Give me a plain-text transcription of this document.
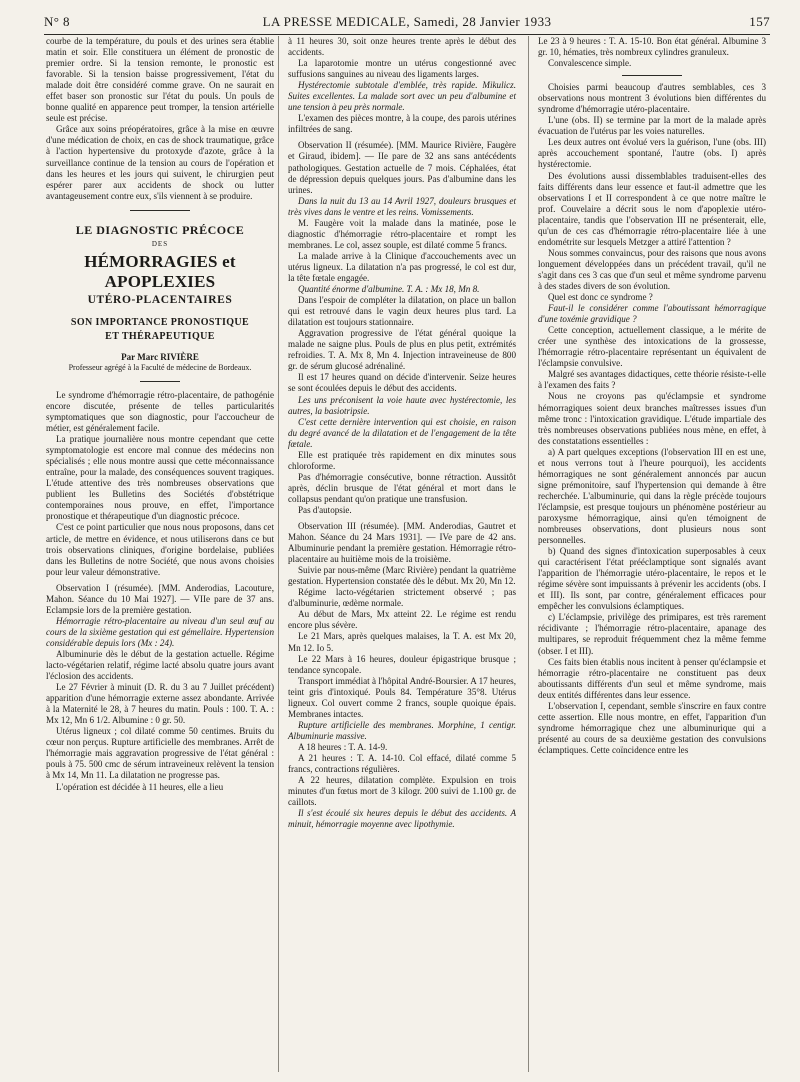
N° 8	LA PRESSE MEDICALE, Samedi, 28 Janvier 1933	157

courbe de la température, du pouls et des urines sera établie matin et soir. Elle constituera un élément de pronostic de premier ordre. Si la tension remonte, le pronostic est favorable. Si la tension baisse progressivement, l'état du malade doit être considéré comme grave. On ne saurait en effet baser son pronostic sur l'état du pouls. Un pouls de bonne qualité en apparence peut tromper, la tension artérielle seule est précise.

Grâce aux soins préopératoires, grâce à la mise en œuvre d'une médication de choix, en cas de shock traumatique, grâce à l'action hypertensive du protoxyde d'azote, grâce à la surveillance continue de la tension au cours de l'opération et dans les heures et les jours qui suivent, le chirurgien peut espérer parer aux accidents de shock ou lutter avantageusement contre eux, s'ils viennent à se produire.

LE DIAGNOSTIC PRÉCOCE
DES
HÉMORRAGIES et APOPLEXIES
UTÉRO-PLACENTAIRES
SON IMPORTANCE PRONOSTIQUE
ET THÉRAPEUTIQUE
Par Marc RIVIÈRE
Professeur agrégé à la Faculté de médecine de Bordeaux.

Le syndrome d'hémorragie rétro-placentaire, de pathogénie encore discutée, présente de telles particularités symptomatiques que son diagnostic, pour l'accoucheur de métier, est généralement facile.

La pratique journalière nous montre cependant que cette symptomatologie est encore mal connue des médecins non spécialisés ; elle nous montre aussi que cette méconnaissance entraîne, pour la malade, des conséquences souvent tragiques. L'étude attentive des très nombreuses observations que publient les Bulletins des Sociétés d'obstétrique contemporaines nous prouve, en effet, l'importance pronostique et thérapeutique d'un diagnostic précoce.

C'est ce point particulier que nous nous proposons, dans cet article, de mettre en évidence, et nous utiliserons dans ce but trois observations cliniques, d'origine bordelaise, publiées dans les Bulletins de notre Société, que nous avons choisies pour leur valeur démonstrative.

Observation I (résumée). [MM. Anderodias, Lacouture, Mahon. Séance du 10 Mai 1927]. — VIIe pare de 37 ans. Eclampsie lors de la première gestation.

Hémorragie rétro-placentaire au niveau d'un seul œuf au cours de la sixième gestation qui est gémellaire. Hypertension considérable depuis lors (Mx : 24).

Albuminurie dès le début de la gestation actuelle. Régime lacto-végétarien relatif, régime lacté absolu quatre jours avant l'éclosion des accidents.

Le 27 Février à minuit (D. R. du 3 au 7 Juillet précédent) apparition d'une hémorragie externe assez abondante. Arrivée à la Maternité le 28, à 7 heures du matin. Pouls : 100. T. A. : Mx 12, Mn 6 1/2. Albumine : 0 gr. 50.

Utérus ligneux ; col dilaté comme 50 centimes. Bruits du cœur non perçus. Rupture artificielle des membranes. Arrêt de l'hémorragie mais aggravation progressive de l'état général : pouls à 75. 500 cmc de sérum intraveineux relèvent la tension à Mx 14, Mn 11. La dilatation ne progresse pas.

L'opération est décidée à 11 heures, elle a lieu

à 11 heures 30, soit onze heures trente après le début des accidents.

La laparotomie montre un utérus congestionné avec suffusions sanguines au niveau des ligaments larges.

Hystérectomie subtotale d'emblée, très rapide. Mikulicz. Suites excellentes. La malade sort avec un peu d'albumine et une tension à peu près normale.

L'examen des pièces montre, à la coupe, des parois utérines infiltrées de sang.

Observation II (résumée). [MM. Maurice Rivière, Faugère et Giraud, ibidem]. — IIe pare de 32 ans sans antécédents pathologiques. Gestation actuelle de 7 mois. Céphalées, état de dépression depuis quelques jours. Pas d'albumine dans les urines.

Dans la nuit du 13 au 14 Avril 1927, douleurs brusques et très vives dans le ventre et les reins. Vomissements.

M. Faugère voit la malade dans la matinée, pose le diagnostic d'hémorragie rétro-placentaire et rompt les membranes. Le col, assez souple, est dilaté comme 5 francs.

La malade arrive à la Clinique d'accouchements avec un utérus ligneux. La dilatation n'a pas progressé, le col est dur, la tête fœtale engagée.

Quantité énorme d'albumine. T. A. : Mx 18, Mn 8.

Dans l'espoir de compléter la dilatation, on place un ballon qui est retrouvé dans le vagin deux heures plus tard. La dilatation est toujours stationnaire.

Aggravation progressive de l'état général quoique la malade ne saigne plus. Pouls de plus en plus petit, extrémités refroidies. T. A. Mx 8, Mn 4. Injection intraveineuse de 800 gr. de sérum glucosé adrénaliné.

Il est 17 heures quand on décide d'intervenir. Seize heures se sont écoulées depuis le début des accidents.

Les uns préconisent la voie haute avec hystérectomie, les autres, la basiotripsie.

C'est cette dernière intervention qui est choisie, en raison du degré avancé de la dilatation et de l'engagement de la tête fœtale.

Elle est pratiquée très rapidement en dix minutes sous chloroforme.

Pas d'hémorragie consécutive, bonne rétraction. Aussitôt après, déclin brusque de l'état général et mort dans le collapsus pendant qu'on pratique une transfusion.

Pas d'autopsie.

Observation III (résumée). [MM. Anderodias, Gautret et Mahon. Séance du 24 Mars 1931]. — IVe pare de 42 ans. Albuminurie pendant la première gestation. Hémorragie rétro-placentaire au huitième mois de la troisième.

Suivie par nous-même (Marc Rivière) pendant la quatrième gestation. Hypertension constatée dès le début. Mx 20, Mn 12.

Régime lacto-végétarien strictement observé ; pas d'albuminurie, œdème normale.

Au début de Mars, Mx atteint 22. Le régime est rendu encore plus sévère.

Le 21 Mars, après quelques malaises, la T. A. est Mx 20, Mn 12. Io 5.

Le 22 Mars à 16 heures, douleur épigastrique brusque ; tendance syncopale.

Transport immédiat à l'hôpital André-Boursier. A 17 heures, teint gris d'intoxiqué. Pouls 84. Température 35°8. Utérus ligneux. Col ouvert comme 2 francs, souple quoique épais. Membranes intactes.

Rupture artificielle des membranes. Morphine, 1 centigr. Albuminurie massive.

A 18 heures : T. A. 14-9.

A 21 heures : T. A. 14-10. Col effacé, dilaté comme 5 francs, contractions régulières.

A 22 heures, dilatation complète. Expulsion en trois minutes d'un fœtus mort de 3 kilogr. 200 suivi de 1.100 gr. de caillots.

Il s'est écoulé six heures depuis le début des accidents. A minuit, hémorragie moyenne avec lipothymie.

Le 23 à 9 heures : T. A. 15-10. Bon état général. Albumine 3 gr. 10, hématies, très nombreux cylindres granuleux.

Convalescence simple.

Choisies parmi beaucoup d'autres semblables, ces 3 observations nous montrent 3 évolutions bien différentes du syndrome d'hémorragie utéro-placentaire.

L'une (obs. II) se termine par la mort de la malade après évacuation de l'utérus par les voies naturelles.

Les deux autres ont évolué vers la guérison, l'une (obs. III) après accouchement spontané, l'autre (obs. I) après hystérectomie.

Des évolutions aussi dissemblables traduisent-elles des faits différents dans leur essence et faut-il admettre que les observations I et II correspondent à ce que notre maître le prof. Couvelaire a décrit sous le nom d'apoplexie utéro-placentaire, tandis que l'observation III ne présenterait, elle, qu'un de ces cas d'hémorragie rétro-placentaire liée à une endométrite sur lesquels Metzger a attiré l'attention ?

Nous sommes convaincus, pour des raisons que nous avons longuement développées dans un précédent travail, qu'il ne s'agit dans ces 3 cas que d'un seul et même syndrome parvenu à des stades divers de son évolution.

Quel est donc ce syndrome ?

Faut-il le considérer comme l'aboutissant hémorragique d'une toxémie gravidique ?

Cette conception, actuellement classique, a le mérite de créer une synthèse des intoxications de la grossesse, l'hémorragie rétro-placentaire représentant un équivalent de l'éclampsie convulsive.

Malgré ses avantages didactiques, cette théorie résiste-t-elle à l'examen des faits ?

Nous ne croyons pas qu'éclampsie et syndrome hémorragiques soient deux branches maîtresses issues d'un même tronc : l'intoxication gravidique. L'étude impartiale des très nombreuses observations publiées nous mène, en effet, à des constatations essentielles :

a) A part quelques exceptions (l'observation III en est une, et nous verrons tout à l'heure pourquoi), les accidents hémorragiques ne sont généralement annoncés par aucun signe prémonitoire, sauf l'hypertension qui demande à être recherchée. L'albuminurie, qui dans la règle précède toujours l'éclampsie, est presque toujours un phénomène postérieur au paroxysme hémorragique, ainsi qu'en témoignent de nombreuses observations, dont plusieurs nous sont personnelles.

b) Quand des signes d'intoxication superposables à ceux qui caractérisent l'état prééclamptique sont signalés avant l'apparition de l'hémorragie utéro-placentaire, le repos et le régime sévère sont impuissants à prévenir les accidents (obs. I et III). Ils sont, par contre, généralement efficaces pour empêcher les convulsions éclamptiques.

c) L'éclampsie, privilège des primipares, est très rarement récidivante ; l'hémorragie rétro-placentaire, apanage des multipares, se reproduit fréquemment chez la même femme (obser. I et III).

Ces faits bien établis nous incitent à penser qu'éclampsie et hémorragie rétro-placentaire ne constituent pas deux aboutissants différents d'un seul et même syndrome, mais deux entités différentes dans leur essence.

L'observation I, cependant, semble s'inscrire en faux contre cette assertion. Elle nous montre, en effet, l'apparition d'un syndrome hémorragique chez une albuminurique qui a présenté au cours de sa deuxième gestation des convulsions éclamptiques. Cette coïncidence entre les
